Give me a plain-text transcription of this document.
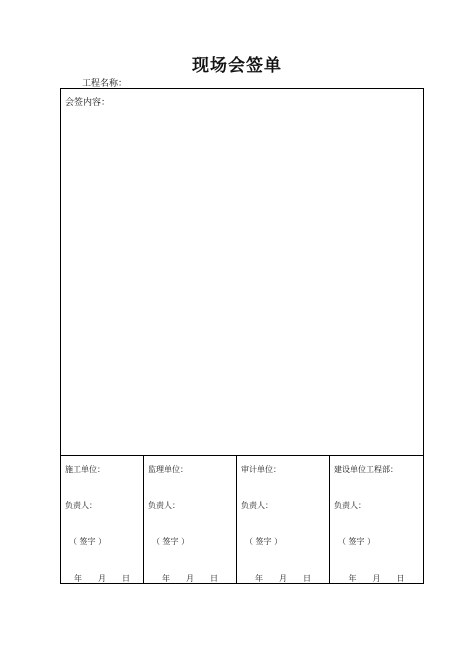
现场会签单
工程名称：
会签内容：
施工单位：
负责人：
（ 签字 ）
年 月 日
监理单位：
负责人：
（ 签字 ）
年 月 日
审计单位：
负责人：
（ 签字 ）
年 月 日
建设单位工程部：
负责人：
（ 签字 ）
年 月 日
